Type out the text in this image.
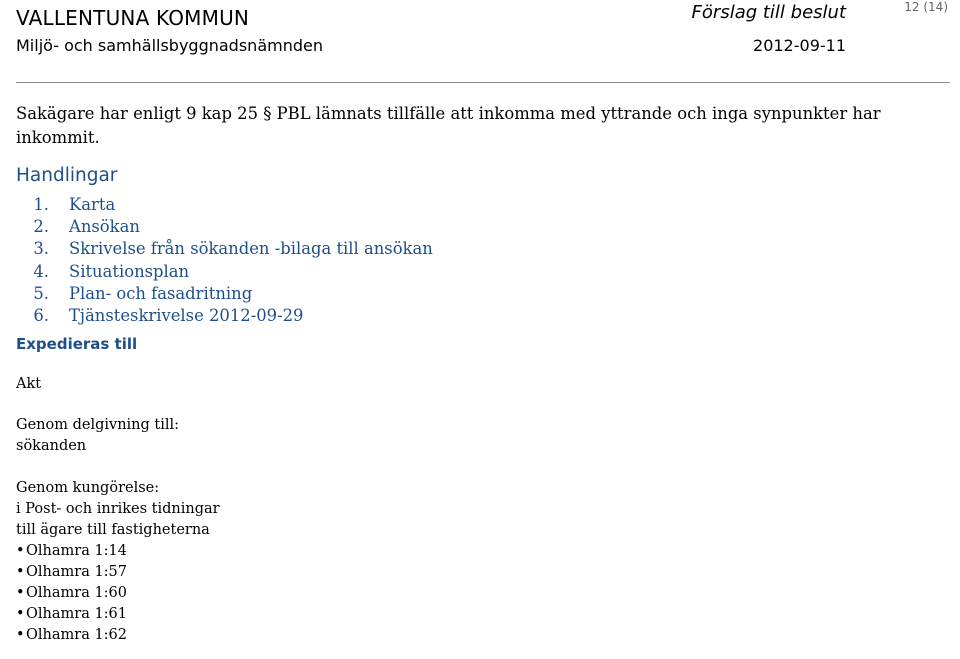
VALLENTUNA KOMMUN
Miljö- och samhällsbyggnadsnämnden
Förslag till beslut
2012-09-11
12 (14)

Sakägare har enligt 9 kap 25 § PBL lämnats tillfälle att inkomma med yttrande och inga synpunkter har inkommit.

Handlingar
1. Karta
2. Ansökan
3. Skrivelse från sökanden -bilaga till ansökan
4. Situationsplan
5. Plan- och fasadritning
6. Tjänsteskrivelse 2012-09-29
Expedieras till

Akt

Genom delgivning till:

sökanden

Genom kungörelse:

i Post- och inrikes tidningar

till ägare till fastigheterna

•Olhamra 1:14
•Olhamra 1:57
•Olhamra 1:60
•Olhamra 1:61
•Olhamra 1:62
